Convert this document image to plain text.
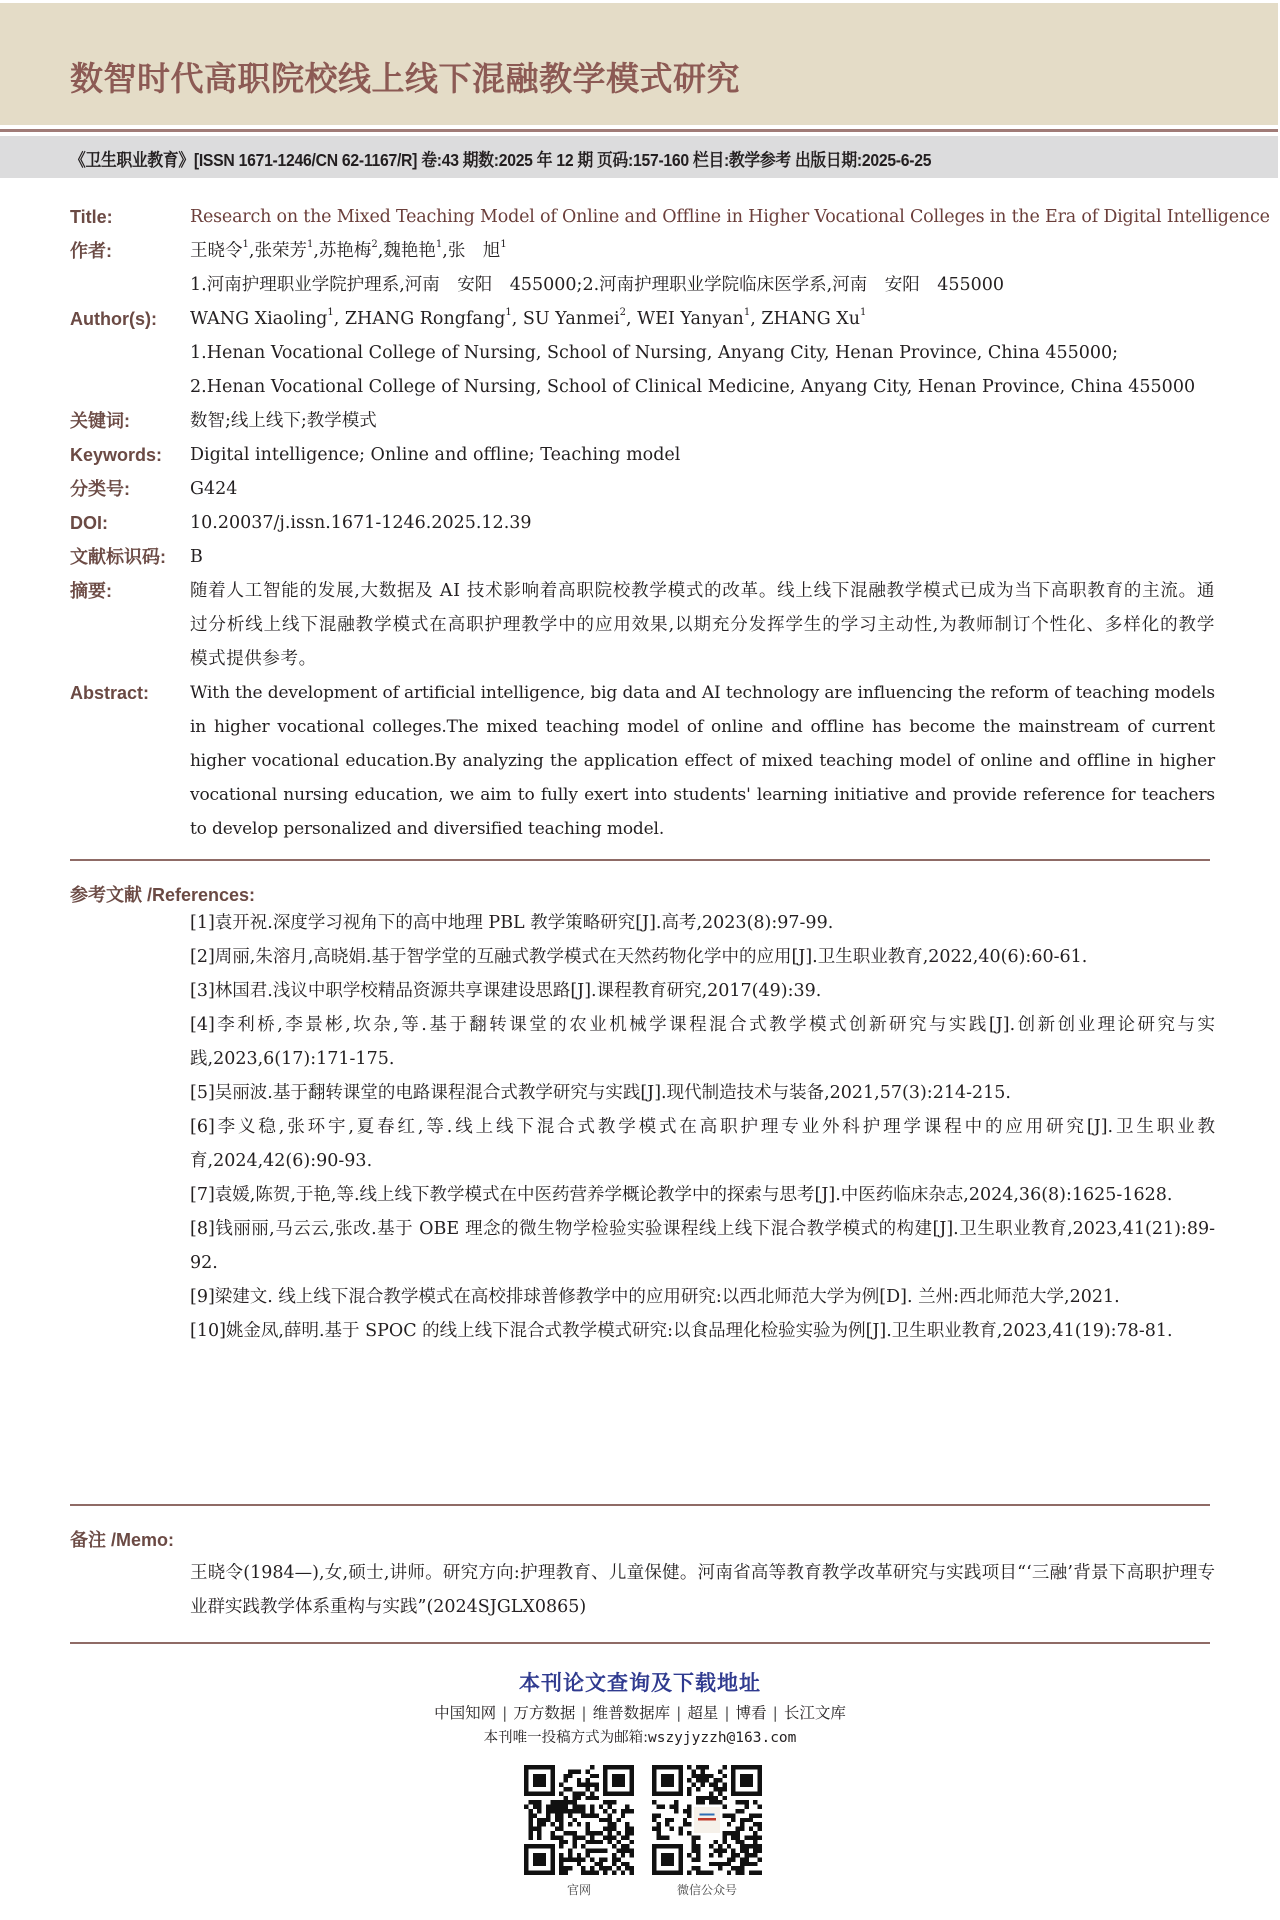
数智时代高职院校线上线下混融教学模式研究
《卫生职业教育》[ISSN 1671-1246/CN 62-1167/R] 卷:43 期数:2025 年 12 期 页码:157-160 栏目:教学参考 出版日期:2025-6-25
Title:	Research on the Mixed Teaching Model of Online and Offline in Higher Vocational Colleges in the Era of Digital Intelligence
作者:	王晓令$^1$,张荣芳$^1$,苏艳梅$^2$,魏艳艳$^1$,张　旭$^1$
1.河南护理职业学院护理系,河南　安阳　455000;2.河南护理职业学院临床医学系,河南　安阳　455000
Author(s): WANG Xiaoling$^1$, ZHANG Rongfang$^1$, SU Yanmei$^2$, WEI Yanyan$^1$, ZHANG Xu$^1$
1.Henan Vocational College of Nursing, School of Nursing, Anyang City, Henan Province, China 455000;
2.Henan Vocational College of Nursing, School of Clinical Medicine, Anyang City, Henan Province, China 455000
关键词:	数智;线上线下;教学模式
Keywords: Digital intelligence; Online and offline; Teaching model
分类号:	G424
DOI:	10.20037/j.issn.1671-1246.2025.12.39
文献标识码: B
摘要:	随着人工智能的发展,大数据及 AI 技术影响着高职院校教学模式的改革。线上线下混融教学模式已成为当下高职教育的主流。通过分析线上线下混融教学模式在高职护理教学中的应用效果,以期充分发挥学生的学习主动性,为教师制订个性化、多样化的教学模式提供参考。
Abstract: With the development of artificial intelligence, big data and AI technology are influencing the reform of teaching models in higher vocational colleges.The mixed teaching model of online and offline has become the mainstream of current higher vocational education.By analyzing the application effect of mixed teaching model of online and offline in higher vocational nursing education, we aim to fully exert into students' learning initiative and provide reference for teachers to develop personalized and diversified teaching model.
参考文献 /References:
[1]袁开祝.深度学习视角下的高中地理 PBL 教学策略研究[J].高考,2023(8):97-99.
[2]周丽,朱溶月,高晓娟.基于智学堂的互融式教学模式在天然药物化学中的应用[J].卫生职业教育,2022,40(6):60-61.
[3]林国君.浅议中职学校精品资源共享课建设思路[J].课程教育研究,2017(49):39.
[4]李利桥,李景彬,坎杂,等.基于翻转课堂的农业机械学课程混合式教学模式创新研究与实践[J].创新创业理论研究与实践,2023,6(17):171-175.
[5]吴丽波.基于翻转课堂的电路课程混合式教学研究与实践[J].现代制造技术与装备,2021,57(3):214-215.
[6]李义稳,张环宇,夏春红,等.线上线下混合式教学模式在高职护理专业外科护理学课程中的应用研究[J].卫生职业教育,2024,42(6):90-93.
[7]袁媛,陈贺,于艳,等.线上线下教学模式在中医药营养学概论教学中的探索与思考[J].中医药临床杂志,2024,36(8):1625-1628.
[8]钱丽丽,马云云,张改.基于 OBE 理念的微生物学检验实验课程线上线下混合教学模式的构建[J].卫生职业教育,2023,41(21):89-92.
[9]梁建文. 线上线下混合教学模式在高校排球普修教学中的应用研究:以西北师范大学为例[D]. 兰州:西北师范大学,2021.
[10]姚金凤,薛明.基于 SPOC 的线上线下混合式教学模式研究:以食品理化检验实验为例[J].卫生职业教育,2023,41(19):78-81.
备注 /Memo:
王晓令(1984—),女,硕士,讲师。研究方向:护理教育、儿童保健。河南省高等教育教学改革研究与实践项目“‘三融’背景下高职护理专业群实践教学体系重构与实践”(2024SJGLX0865)
本刊论文查询及下载地址
中国知网 | 万方数据 | 维普数据库 | 超星 | 博看 | 长江文库
本刊唯一投稿方式为邮箱:wszyjyzzh@163.com
官网	微信公众号
